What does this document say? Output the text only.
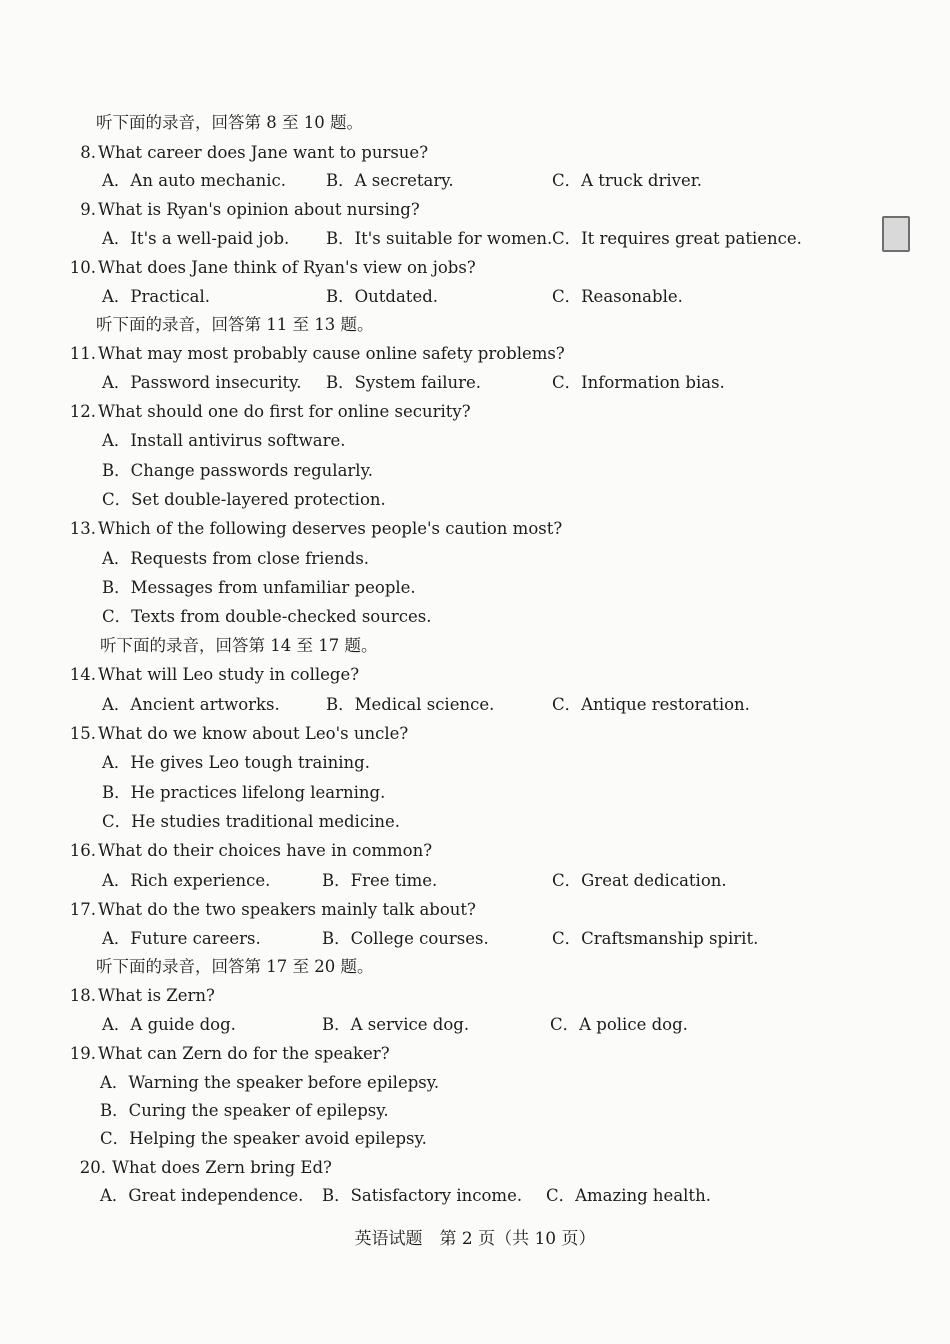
听下面的录音，回答第 8 至 10 题。
8. What career does Jane want to pursue?
A．An auto mechanic. B．A secretary.	C．A truck driver.
9. What is Ryan's opinion about nursing?
A．It's a well-paid job. B．It's suitable for women. C．It requires great patience.
10. What does Jane think of Ryan's view on jobs?
A．Practical.	B．Outdated.	C．Reasonable.
听下面的录音，回答第 11 至 13 题。
11. What may most probably cause online safety problems?
A．Password insecurity. B．System failure.	C．Information bias.
12. What should one do first for online security?
A．Install antivirus software.
B．Change passwords regularly.
C．Set double-layered protection.
13. Which of the following deserves people's caution most?
A．Requests from close friends.
B．Messages from unfamiliar people.
C．Texts from double-checked sources.
听下面的录音，回答第 14 至 17 题。
14. What will Leo study in college?
A．Ancient artworks.	B．Medical science.	C．Antique restoration.
15. What do we know about Leo's uncle?
A．He gives Leo tough training.
B．He practices lifelong learning.
C．He studies traditional medicine.
16. What do their choices have in common?
A．Rich experience.	B．Free time.	C．Great dedication.
17. What do the two speakers mainly talk about?
A．Future careers.	B．College courses.	C．Craftsmanship spirit.
听下面的录音，回答第 17 至 20 题。
18. What is Zern?
A．A guide dog.	B．A service dog.	C．A police dog.
19. What can Zern do for the speaker?
A．Warning the speaker before epilepsy.
B．Curing the speaker of epilepsy.
C．Helping the speaker avoid epilepsy.
20. What does Zern bring Ed?
A．Great independence. B．Satisfactory income. C．Amazing health.
英语试题　第 2 页（共 10 页）
